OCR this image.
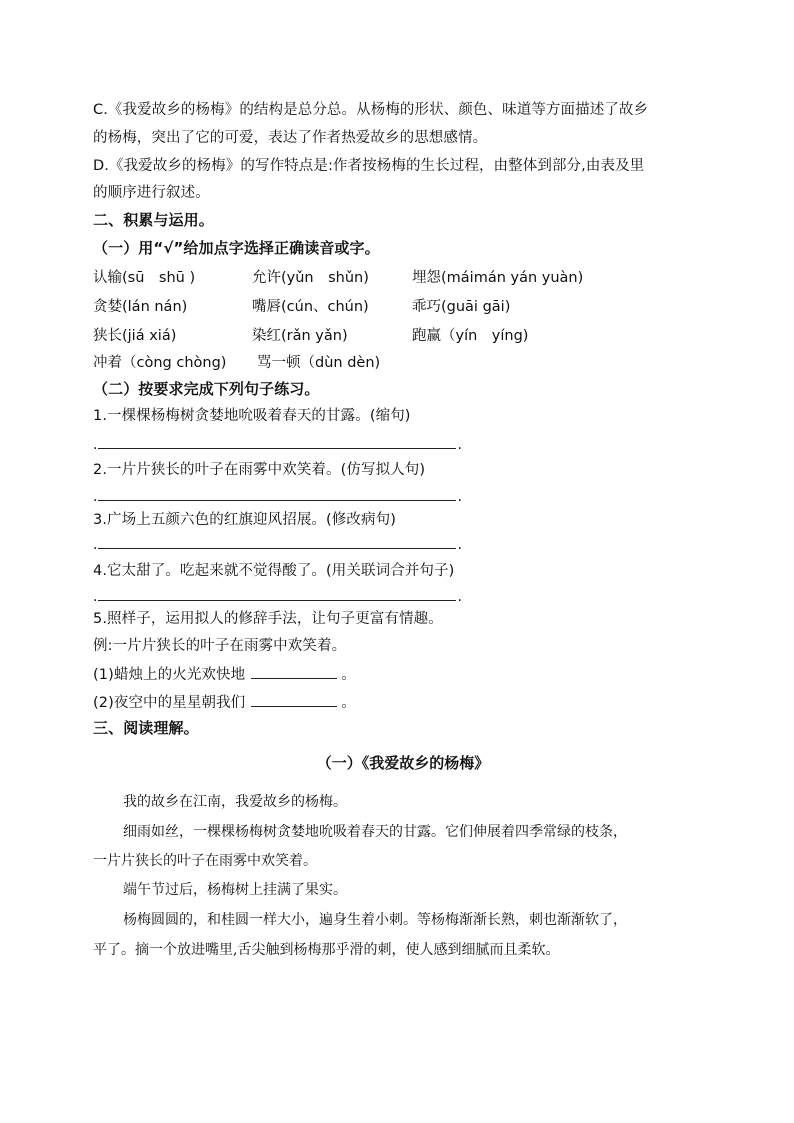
C.《我爱故乡的杨梅》的结构是总分总。从杨梅的形状、颜色、味道等方面描述了故乡
的杨梅，突出了它的可爱，表达了作者热爱故乡的思想感情。
D.《我爱故乡的杨梅》的写作特点是:作者按杨梅的生长过程，由整体到部分,由表及里
的顺序进行叙述。
二、积累与运用。
（一）用“√”给加点字选择正确读音或字。
认输(sū　shū )	允许(yǔn　shǔn)	埋怨(máimán yán yuàn)
贪婪(lán nán)	嘴唇(cún、chún)	乖巧(guāi gāi)
狭长(jiá xiá)	染红(rǎn yǎn)	跑赢（yín　yíng)
冲着（còng chòng) 骂一顿（dùn dèn)
（二）按要求完成下列句子练习。
1.一棵棵杨梅树贪婪地吮吸着春天的甘露。(缩句)
.	.
2.一片片狭长的叶子在雨雾中欢笑着。(仿写拟人句)
.	.
3.广场上五颜六色的红旗迎风招展。(修改病句)
.	.
4.它太甜了。吃起来就不觉得酸了。(用关联词合并句子)
.	.
5.照样子，运用拟人的修辞手法，让句子更富有情趣。
例:一片片狭长的叶子在雨雾中欢笑着。
(1)蜡烛上的火光欢快地	。
(2)夜空中的星星朝我们	。
三、阅读理解。
（一）《我爱故乡的杨梅》
我的故乡在江南，我爱故乡的杨梅。
细雨如丝，一棵棵杨梅树贪婪地吮吸着春天的甘露。它们伸展着四季常绿的枝条，
一片片狭长的叶子在雨雾中欢笑着。
端午节过后，杨梅树上挂满了果实。
杨梅圆圆的，和桂圆一样大小，遍身生着小刺。等杨梅渐渐长熟，刺也渐渐软了，
平了。摘一个放进嘴里,舌尖触到杨梅那乎滑的刺，使人感到细腻而且柔软。
